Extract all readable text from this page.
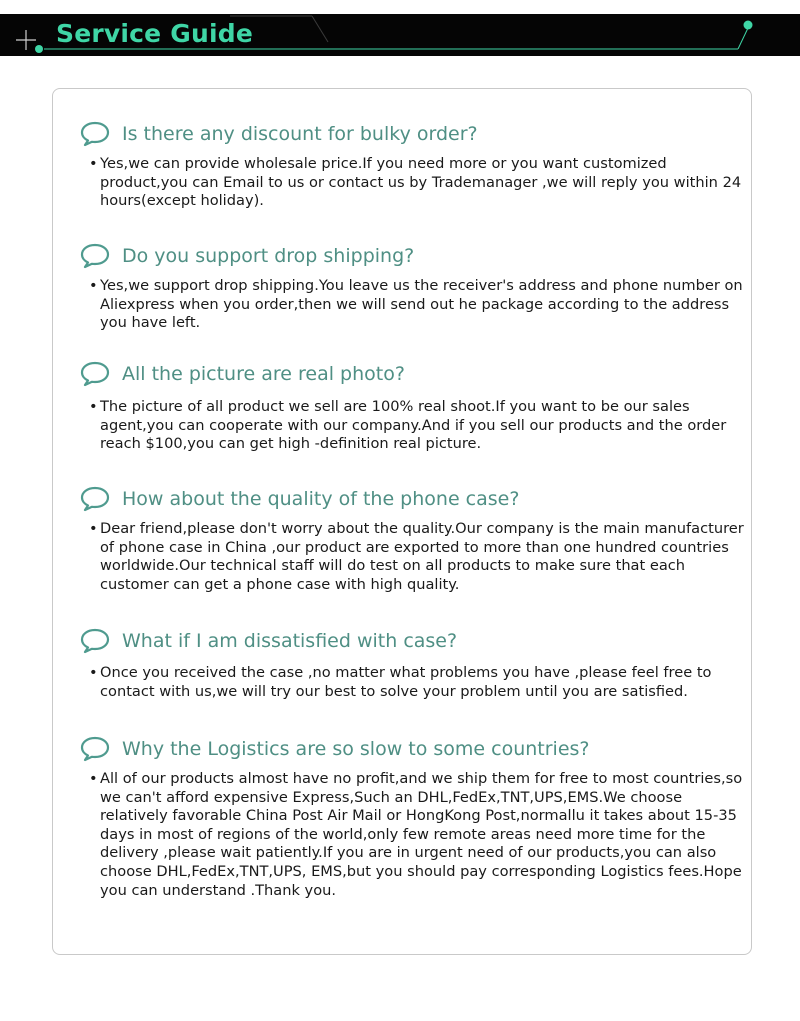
Service Guide
Is there any discount for bulky order?
• Yes,we can provide wholesale price.If you need more or you want customized product,you can Email to us or contact us by Trademanager ,we will reply you within 24 hours(except holiday).
Do you support drop shipping?
• Yes,we support drop shipping.You leave us the receiver's address and phone number on Aliexpress when you order,then we will send out he package according to the address you have left.
All the picture are real photo?
• The picture of all product we sell are 100% real shoot.If you want to be our sales agent,you can cooperate with our company.And if you sell our products and the order reach $100,you can get high -definition real picture.
How about the quality of the phone case?
• Dear friend,please don't worry about the quality.Our company is the main manufacturer of phone case in China ,our product are exported to more than one hundred countries worldwide.Our technical staff will do test on all products to make sure that each customer can get a phone case with high quality.
What if I am dissatisfied with case?
• Once you received the case ,no matter what problems you have ,please feel free to contact with us,we will try our best to solve your problem until you are satisfied.
Why the Logistics are so slow to some countries?
• All of our products almost have no profit,and we ship them for free to most countries,so we can't afford expensive Express,Such an DHL,FedEx,TNT,UPS,EMS.We choose relatively favorable China Post Air Mail or HongKong Post,normallu it takes about 15-35 days in most of regions of the world,only few remote areas need more time for the delivery ,please wait patiently.If you are in urgent need of our products,you can also choose DHL,FedEx,TNT,UPS, EMS,but you should pay corresponding Logistics fees.Hope you can understand .Thank you.
